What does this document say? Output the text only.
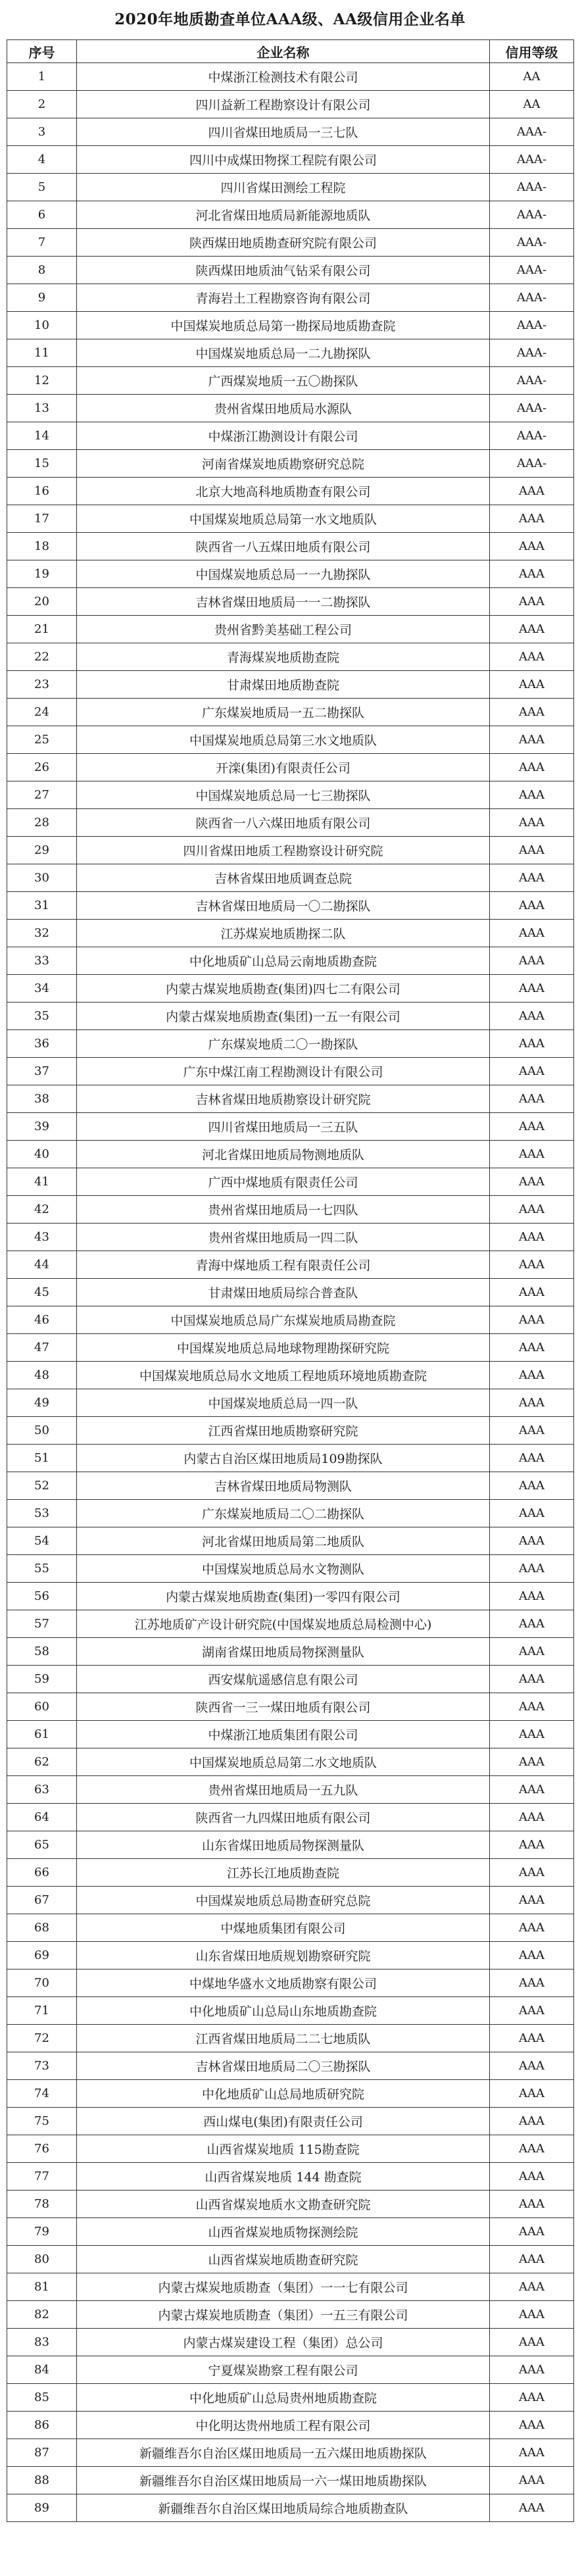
2020年地质勘查单位AAA级、AA级信用企业名单
序号	企业名称	信用等级
1	中煤浙江检测技术有限公司	AA
2	四川益新工程勘察设计有限公司	AA
3	四川省煤田地质局一三七队	AAA-
4	四川中成煤田物探工程院有限公司	AAA-
5	四川省煤田测绘工程院	AAA-
6	河北省煤田地质局新能源地质队	AAA-
7	陕西煤田地质勘查研究院有限公司	AAA-
8	陕西煤田地质油气钻采有限公司	AAA-
9	青海岩土工程勘察咨询有限公司	AAA-
10	中国煤炭地质总局第一勘探局地质勘查院	AAA-
11	中国煤炭地质总局一二九勘探队	AAA-
12	广西煤炭地质一五〇勘探队	AAA-
13	贵州省煤田地质局水源队	AAA-
14	中煤浙江勘测设计有限公司	AAA-
15	河南省煤炭地质勘察研究总院	AAA-
16	北京大地高科地质勘查有限公司	AAA
17	中国煤炭地质总局第一水文地质队	AAA
18	陕西省一八五煤田地质有限公司	AAA
19	中国煤炭地质总局一一九勘探队	AAA
20	吉林省煤田地质局一一二勘探队	AAA
21	贵州省黔美基础工程公司	AAA
22	青海煤炭地质勘查院	AAA
23	甘肃煤田地质勘查院	AAA
24	广东煤炭地质局一五二勘探队	AAA
25	中国煤炭地质总局第三水文地质队	AAA
26	开滦(集团)有限责任公司	AAA
27	中国煤炭地质总局一七三勘探队	AAA
28	陕西省一八六煤田地质有限公司	AAA
29	四川省煤田地质工程勘察设计研究院	AAA
30	吉林省煤田地质调查总院	AAA
31	吉林省煤田地质局一〇二勘探队	AAA
32	江苏煤炭地质勘探二队	AAA
33	中化地质矿山总局云南地质勘查院	AAA
34	内蒙古煤炭地质勘查(集团)四七二有限公司	AAA
35	内蒙古煤炭地质勘查(集团)一五一有限公司	AAA
36	广东煤炭地质二〇一勘探队	AAA
37	广东中煤江南工程勘测设计有限公司	AAA
38	吉林省煤田地质勘察设计研究院	AAA
39	四川省煤田地质局一三五队	AAA
40	河北省煤田地质局物测地质队	AAA
41	广西中煤地质有限责任公司	AAA
42	贵州省煤田地质局一七四队	AAA
43	贵州省煤田地质局一四二队	AAA
44	青海中煤地质工程有限责任公司	AAA
45	甘肃煤田地质局综合普查队	AAA
46	中国煤炭地质总局广东煤炭地质局勘查院	AAA
47	中国煤炭地质总局地球物理勘探研究院	AAA
48	中国煤炭地质总局水文地质工程地质环境地质勘查院	AAA
49	中国煤炭地质总局一四一队	AAA
50	江西省煤田地质勘察研究院	AAA
51	内蒙古自治区煤田地质局109勘探队	AAA
52	吉林省煤田地质局物测队	AAA
53	广东煤炭地质局二〇二勘探队	AAA
54	河北省煤田地质局第二地质队	AAA
55	中国煤炭地质总局水文物测队	AAA
56	内蒙古煤炭地质勘查(集团)一零四有限公司	AAA
57	江苏地质矿产设计研究院(中国煤炭地质总局检测中心)	AAA
58	湖南省煤田地质局物探测量队	AAA
59	西安煤航遥感信息有限公司	AAA
60	陕西省一三一煤田地质有限公司	AAA
61	中煤浙江地质集团有限公司	AAA
62	中国煤炭地质总局第二水文地质队	AAA
63	贵州省煤田地质局一五九队	AAA
64	陕西省一九四煤田地质有限公司	AAA
65	山东省煤田地质局物探测量队	AAA
66	江苏长江地质勘查院	AAA
67	中国煤炭地质总局勘查研究总院	AAA
68	中煤地质集团有限公司	AAA
69	山东省煤田地质规划勘察研究院	AAA
70	中煤地华盛水文地质勘察有限公司	AAA
71	中化地质矿山总局山东地质勘查院	AAA
72	江西省煤田地质局二二七地质队	AAA
73	吉林省煤田地质局二〇三勘探队	AAA
74	中化地质矿山总局地质研究院	AAA
75	西山煤电(集团)有限责任公司	AAA
76	山西省煤炭地质 115勘查院	AAA
77	山西省煤炭地质 144 勘查院	AAA
78	山西省煤炭地质水文勘查研究院	AAA
79	山西省煤炭地质物探测绘院	AAA
80	山西省煤炭地质勘查研究院	AAA
81	内蒙古煤炭地质勘查（集团）一一七有限公司	AAA
82	内蒙古煤炭地质勘查（集团）一五三有限公司	AAA
83	内蒙古煤炭建设工程（集团）总公司	AAA
84	宁夏煤炭勘察工程有限公司	AAA
85	中化地质矿山总局贵州地质勘查院	AAA
86	中化明达贵州地质工程有限公司	AAA
87	新疆维吾尔自治区煤田地质局一五六煤田地质勘探队	AAA
88	新疆维吾尔自治区煤田地质局一六一煤田地质勘探队	AAA
89	新疆维吾尔自治区煤田地质局综合地质勘查队	AAA
